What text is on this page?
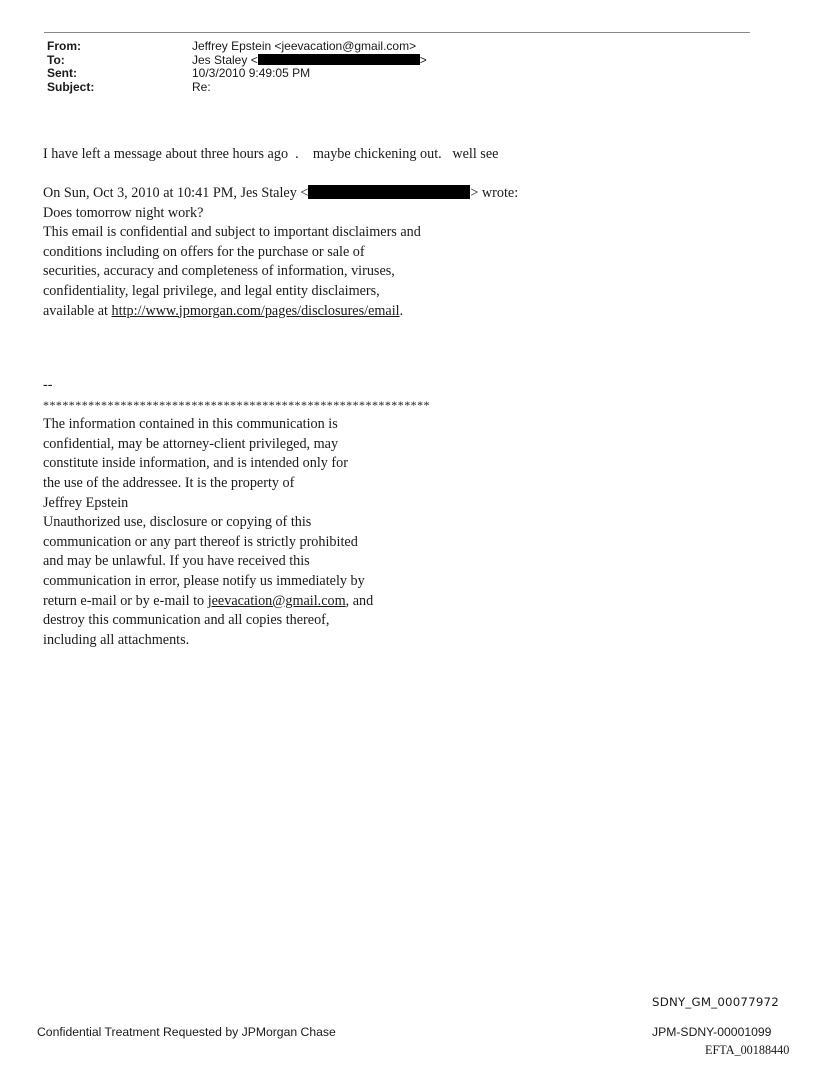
From:	Jeffrey Epstein <jeevacation@gmail.com>
To:	Jes Staley <	>
Sent:	10/3/2010 9:49:05 PM
Subject:	Re:
I have left a message about three hours ago  .    maybe chickening out.   well see
On Sun, Oct 3, 2010 at 10:41 PM, Jes Staley <	> wrote:
Does tomorrow night work?
This email is confidential and subject to important disclaimers and
conditions including on offers for the purchase or sale of
securities, accuracy and completeness of information, viruses,
confidentiality, legal privilege, and legal entity disclaimers,
available at http://www.jpmorgan.com/pages/disclosures/email.
--
************************************************************
The information contained in this communication is
confidential, may be attorney-client privileged, may
constitute inside information, and is intended only for
the use of the addressee. It is the property of
Jeffrey Epstein
Unauthorized use, disclosure or copying of this
communication or any part thereof is strictly prohibited
and may be unlawful. If you have received this
communication in error, please notify us immediately by
return e-mail or by e-mail to jeevacation@gmail.com, and
destroy this communication and all copies thereof,
including all attachments.
SDNY_GM_00077972
Confidential Treatment Requested by JPMorgan Chase	JPM-SDNY-00001099
EFTA_00188440
